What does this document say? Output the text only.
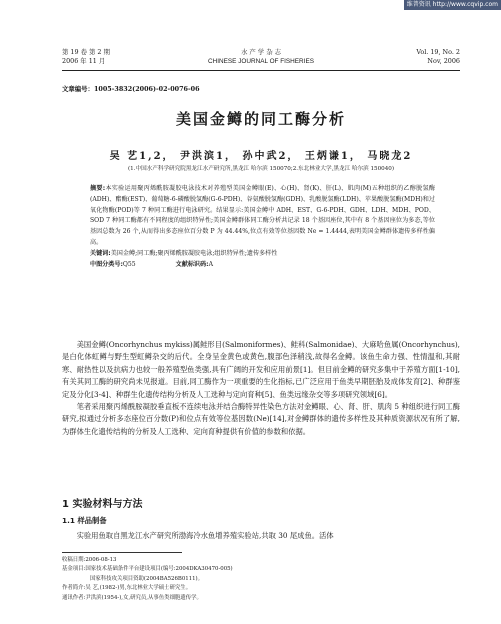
维普资讯 http://www.cqvip.com
第 19 卷 第 2 期
2006 年 11 月
水 产 学 杂 志
CHINESE JOURNAL OF FISHERIES
Vol. 19, No. 2
Nov, 2006
文章编号：1005-3832(2006)-02-0076-06
美国金鳟的同工酶分析
吴 艺1,2， 尹洪滨1， 孙中武2， 王炳谦1， 马晓龙2
(1.中国水产科学研究院黑龙江水产研究所,黑龙江 哈尔滨 150070;2.东北林业大学,黑龙江 哈尔滨 150040)

摘要:本实验运用聚丙烯酰胺凝胶电泳技术对养殖型美国金鳟眼(E)、心(H)、肾(K)、肝(L)、肌肉(M)五种组织的乙醇脱氢酶(ADH)、酯酶(EST)、葡萄糖-6-磷酸脱氢酶(G-6-PDH)、谷氨酸脱氢酶(GDH)、乳酸脱氢酶(LDH)、苹果酸脱氢酶(MDH)和过氧化物酶(POD)等 7 种同工酶进行电泳研究。结果显示:美国金鳟中 ADH、EST、G-6-PDH、GDH、LDH、MDH、POD、SOD 7 种同工酶都有不同程度的组织特异性;美国金鳟群体同工酶分析共记录 18 个基因座位,其中有 8 个基因座位为多态,等位基因总数为 26 个,从而得出多态座位百分数 P 为 44.44%,位点有效等位基因数 Ne = 1.4444,表明美国金鳟群体遗传多样性偏高。

关键词:美国金鳟;同工酶;聚丙烯酰胺凝胶电泳;组织特异性;遗传多样性

中图分类号:Q55	文献标识码:A

美国金鳟(Oncorhynchus mykiss)属鲑形目(Salmoniformes)、鲑科(Salmonidae)、大麻哈鱼属(Oncorhynchus),是白化体虹鳟与野生型虹鳟杂交的后代。全身呈金黄色或黄色,腹部色泽稍浅,故得名金鳟。该鱼生命力强、性情温和,其耐寒、耐热性以及抗病力也较一般养殖型鱼类强,具有广阔的开发和应用前景[1]。但目前金鳟的研究多集中于养殖方面[1-10],有关其同工酶的研究尚未见报道。目前,同工酶作为一项重要的生化指标,已广泛应用于鱼类早期胚胎及成体发育[2]、种群鉴定及分化[3-4]、种群生化遗传结构分析及人工选种与定向育种[5]、鱼类远缘杂交等多项研究领域[6]。

笔者采用聚丙烯酰胺凝胶垂直板不连续电泳并结合酶特异性染色方法对金鳟眼、心、肾、肝、肌肉 5 种组织进行同工酶研究,拟通过分析多态座位百分数(P)和位点有效等位基因数(Ne)[14],对金鳟群体的遗传多样性及其种质资源状况有所了解,为群体生化遗传结构的分析及人工选种、定向育种提供有价值的参数和依据。

1 实验材料与方法
1.1 样品制备
实验用鱼取自黑龙江水产研究所渤海冷水鱼增养殖实验站,共取 30 尾成鱼。活体
收稿日期:2006-08-13
基金项目:国家技术基础条件平台建设项目(编号:2004DKA30470-005)
国家科技攻关项目资助(2004BA526B0111)。
作者简介:吴 艺,(1982-)男,东北林业大学硕士研究生。
通讯作者:尹洪滨(1954-),女,研究员,从事鱼类细胞遗传学。
